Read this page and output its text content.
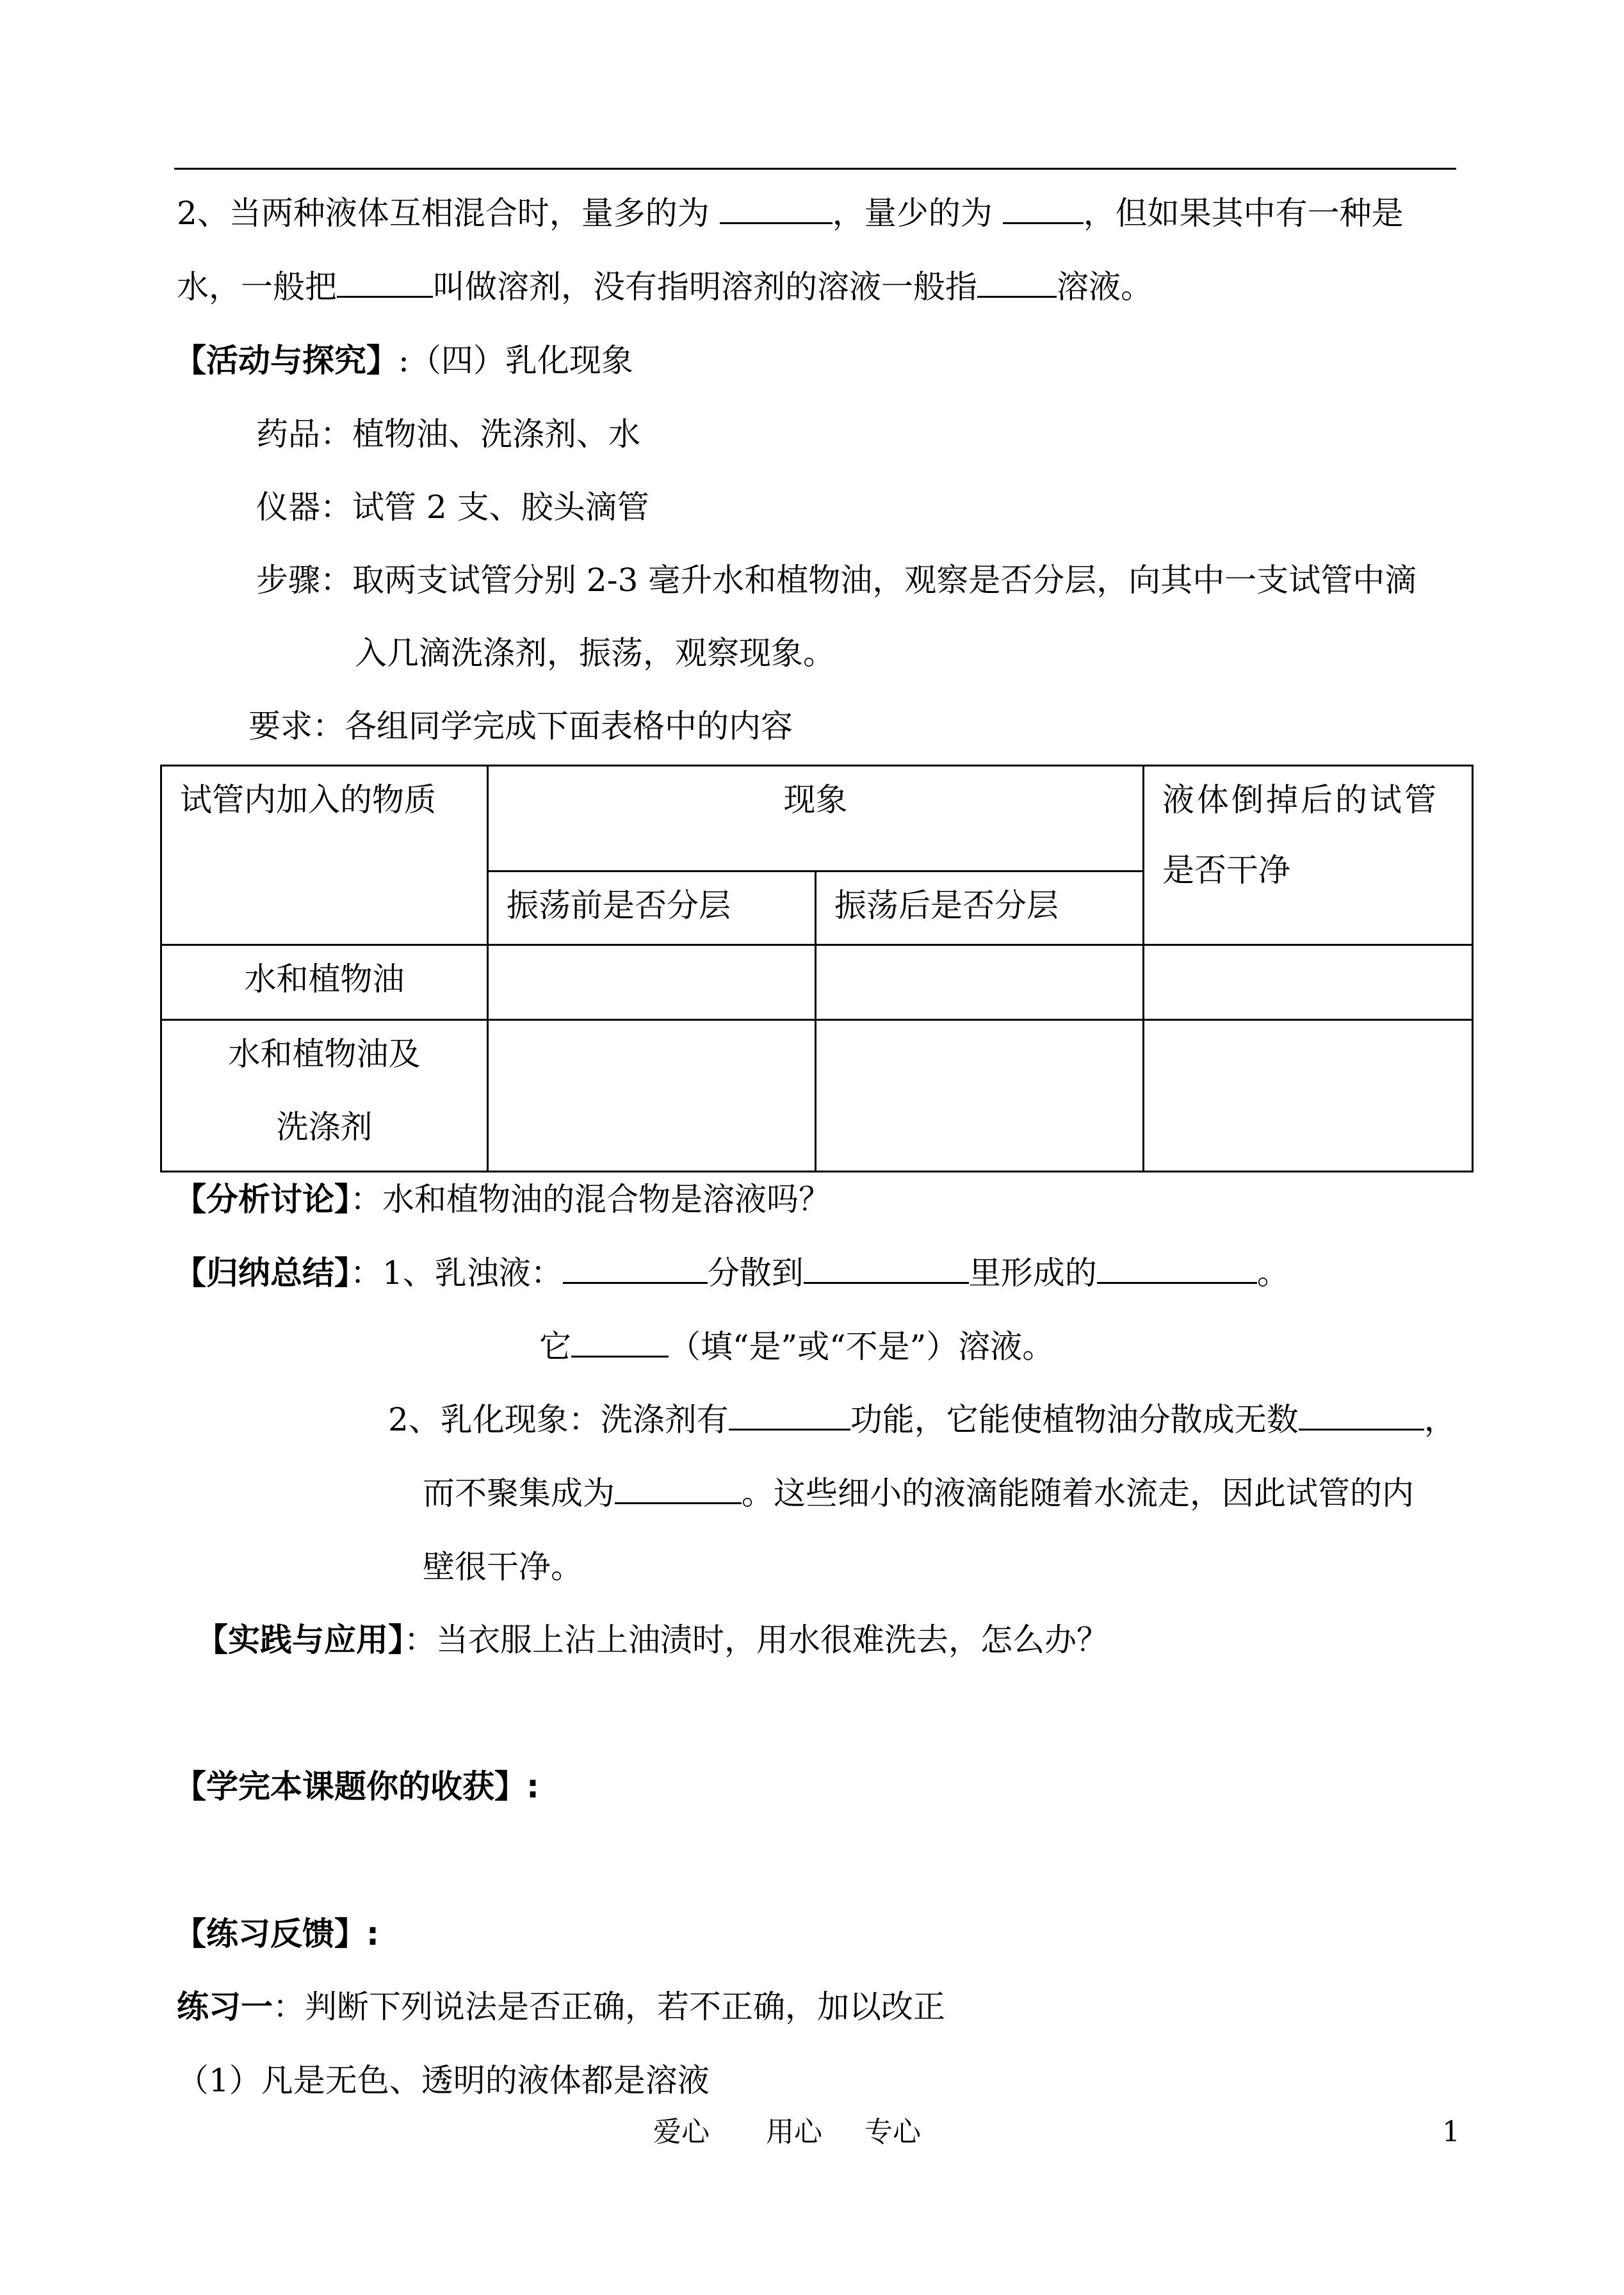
2、当两种液体互相混合时，量多的为	，量少的为	，但如果其中有一种是
水，一般把	叫做溶剂，没有指明溶剂的溶液一般指 溶液。
【活动与探究】:（四）乳化现象
药品：植物油、洗涤剂、水
仪器：试管 2 支、胶头滴管
步骤：取两支试管分别 2-3 毫升水和植物油，观察是否分层，向其中一支试管中滴
入几滴洗涤剂，振荡，观察现象。
要求：各组同学完成下面表格中的内容
试管内加入的物质	现象		液体倒掉后的试管
是否干净

	振荡前是否分层	振荡后是否分层	

水和植物油			

水和植物油及
洗涤剂			

【分析讨论】：水和植物油的混合物是溶液吗？
【归纳总结】：1、乳浊液：	分散到	里形成的	。
它	（填“是”或“不是”）溶液。
2、乳化现象：洗涤剂有	功能，它能使植物油分散成无数	，
而不聚集成为	。这些细小的液滴能随着水流走，因此试管的内
壁很干净。
【实践与应用】：当衣服上沾上油渍时，用水很难洗去，怎么办？
【学完本课题你的收获】:
【练习反馈】:
练习一：判断下列说法是否正确，若不正确，加以改正
（1）凡是无色、透明的液体都是溶液
爱心 用心 专心	1
